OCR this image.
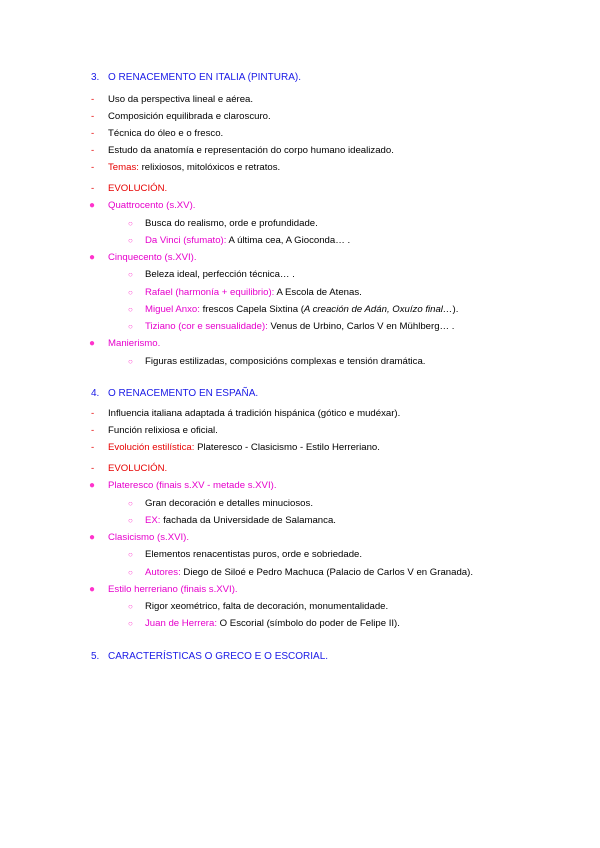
3. O RENACEMENTO EN ITALIA (PINTURA).
- Uso da perspectiva lineal e aérea.
- Composición equilibrada e claroscuro.
- Técnica do óleo e o fresco.
- Estudo da anatomía e representación do corpo humano idealizado.
- Temas: relixiosos, mitolóxicos e retratos.
- EVOLUCIÓN.
● Quattrocento (s.XV).
○ Busca do realismo, orde e profundidade.
○ Da Vinci (sfumato): A última cea, A Gioconda… .
● Cinquecento (s.XVI).
○ Beleza ideal, perfección técnica… .
○ Rafael (harmonía + equilibrio): A Escola de Atenas.
○ Miguel Anxo: frescos Capela Sixtina (A creación de Adán, Oxuízo final…).
○ Tiziano (cor e sensualidade): Venus de Urbino, Carlos V en Mühlberg… .
● Manierismo.
○ Figuras estilizadas, composicións complexas e tensión dramática.
4. O RENACEMENTO EN ESPAÑA.
- Influencia italiana adaptada á tradición hispánica (gótico e mudéxar).
- Función relixiosa e oficial.
- Evolución estilística: Plateresco - Clasicismo - Estilo Herreriano.
- EVOLUCIÓN.
● Plateresco (finais s.XV - metade s.XVI).
○ Gran decoración e detalles minuciosos.
○ EX: fachada da Universidade de Salamanca.
● Clasicismo (s.XVI).
○ Elementos renacentistas puros, orde e sobriedade.
○ Autores: Diego de Siloé e Pedro Machuca (Palacio de Carlos V en Granada).
● Estilo herreriano (finais s.XVI).
○ Rigor xeométrico, falta de decoración, monumentalidade.
○ Juan de Herrera: O Escorial (símbolo do poder de Felipe II).
5. CARACTERÍSTICAS O GRECO E O ESCORIAL.
